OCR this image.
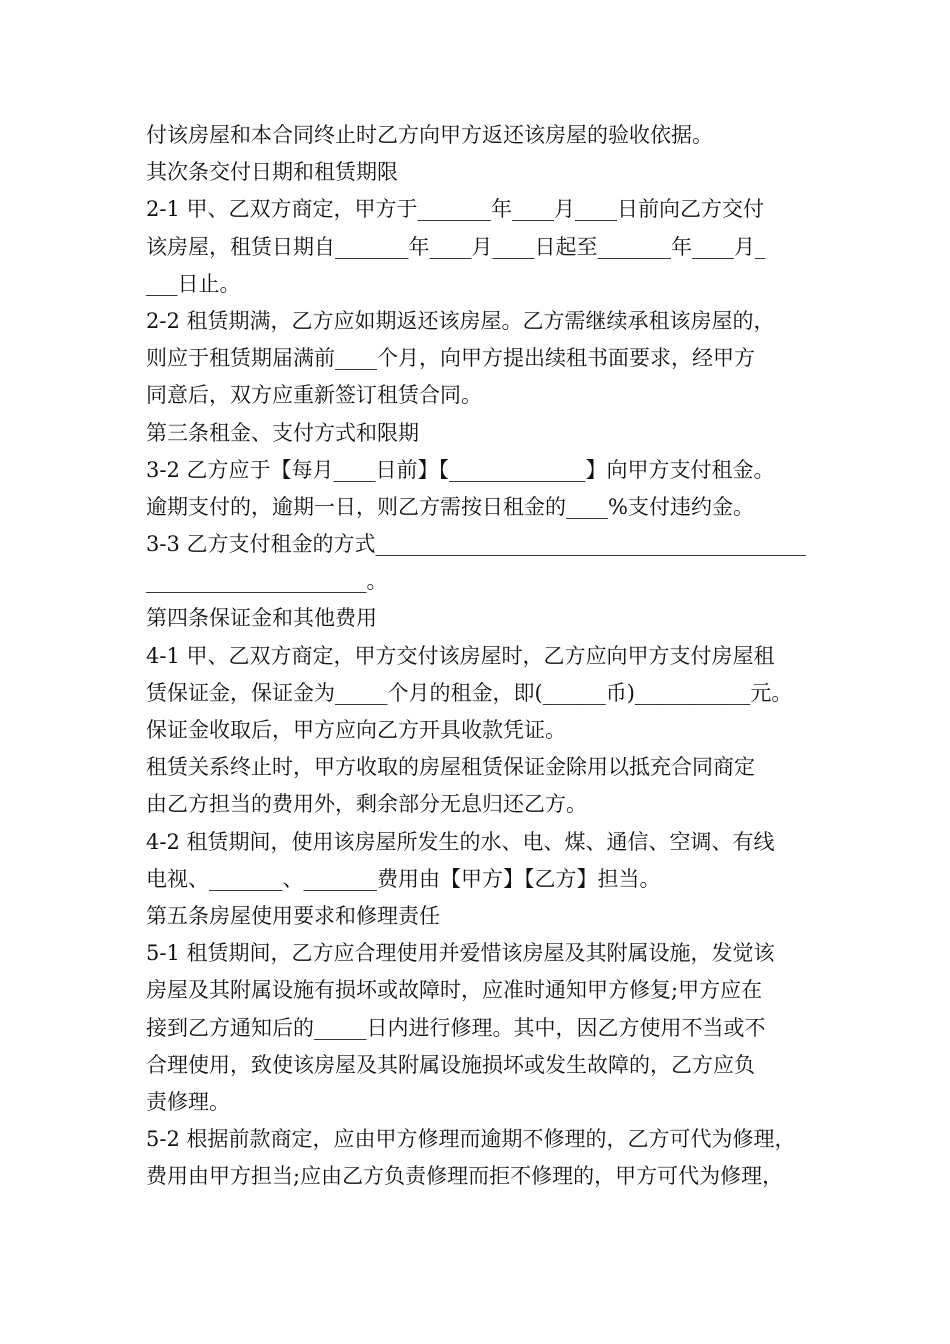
付该房屋和本合同终止时乙方向甲方返还该房屋的验收依据。
其次条交付日期和租赁期限
2-1 甲、乙双方商定，甲方于_______年____月____日前向乙方交付
该房屋，租赁日期自_______年____月____日起至_______年____月_
___日止。
2-2 租赁期满，乙方应如期返还该房屋。乙方需继续承租该房屋的，
则应于租赁期届满前____个月，向甲方提出续租书面要求，经甲方
同意后，双方应重新签订租赁合同。
第三条租金、支付方式和限期
3-2 乙方应于【每月____日前】【_____________】向甲方支付租金。
逾期支付的，逾期一日，则乙方需按日租金的____%支付违约金。
3-3 乙方支付租金的方式_________________________________________
_____________________。
第四条保证金和其他费用
4-1 甲、乙双方商定，甲方交付该房屋时，乙方应向甲方支付房屋租
赁保证金，保证金为_____个月的租金，即(______币)___________元。
保证金收取后，甲方应向乙方开具收款凭证。
租赁关系终止时，甲方收取的房屋租赁保证金除用以抵充合同商定
由乙方担当的费用外，剩余部分无息归还乙方。
4-2 租赁期间，使用该房屋所发生的水、电、煤、通信、空调、有线
电视、_______、_______费用由【甲方】【乙方】担当。
第五条房屋使用要求和修理责任
5-1 租赁期间，乙方应合理使用并爱惜该房屋及其附属设施，发觉该
房屋及其附属设施有损坏或故障时，应准时通知甲方修复;甲方应在
接到乙方通知后的_____日内进行修理。其中，因乙方使用不当或不
合理使用，致使该房屋及其附属设施损坏或发生故障的，乙方应负
责修理。
5-2 根据前款商定，应由甲方修理而逾期不修理的，乙方可代为修理，
费用由甲方担当;应由乙方负责修理而拒不修理的，甲方可代为修理，
